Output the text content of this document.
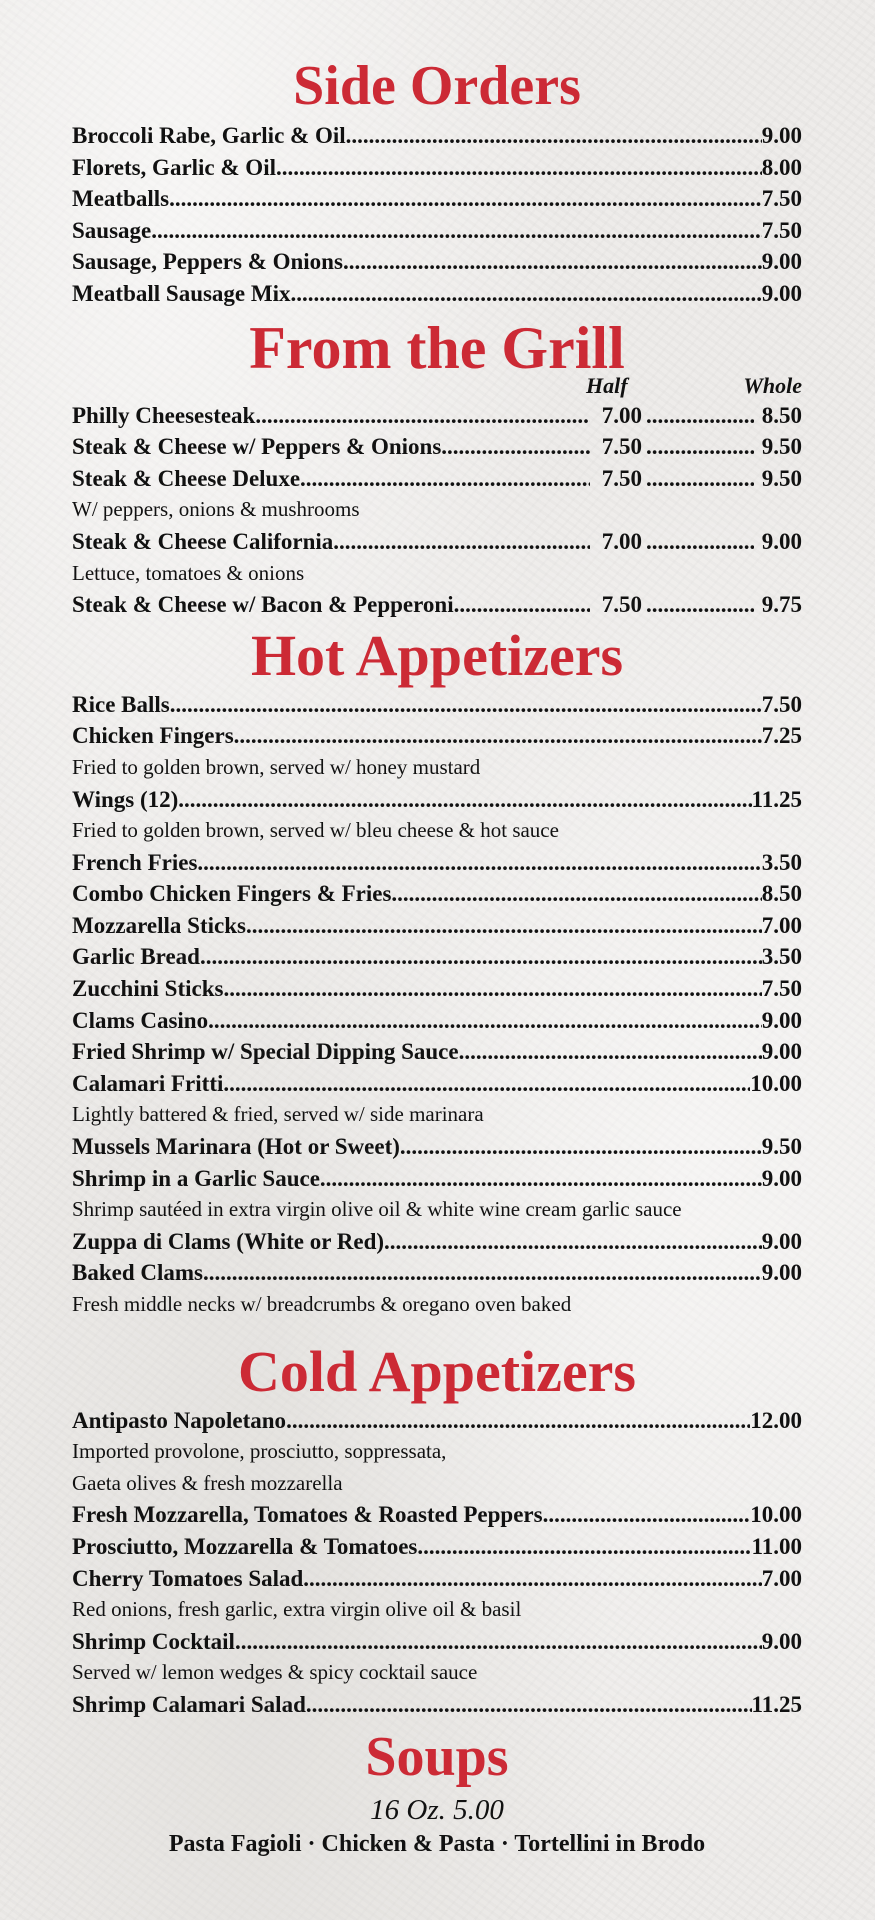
Side Orders
Broccoli Rabe, Garlic & Oil .....	9.00
Florets, Garlic & Oil .....	8.00
Meatballs .....	7.50
Sausage .....	7.50
Sausage, Peppers & Onions .....	9.00
Meatball Sausage Mix .....	9.00
From the Grill
Half	Whole
Philly Cheesesteak .....	7.00 .....	8.50
Steak & Cheese w/ Peppers & Onions .....	7.50 .....	9.50
Steak & Cheese Deluxe .....	7.50 .....	9.50
W/ peppers, onions & mushrooms
Steak & Cheese California .....	7.00 .....	9.00
Lettuce, tomatoes & onions
Steak & Cheese w/ Bacon & Pepperoni .....	7.50 .....	9.75
Hot Appetizers
Rice Balls .....	7.50
Chicken Fingers .....	7.25
Fried to golden brown, served w/ honey mustard
Wings (12) .....	11.25
Fried to golden brown, served w/ bleu cheese & hot sauce
French Fries .....	3.50
Combo Chicken Fingers & Fries .....	8.50
Mozzarella Sticks .....	7.00
Garlic Bread .....	3.50
Zucchini Sticks .....	7.50
Clams Casino .....	9.00
Fried Shrimp w/ Special Dipping Sauce .....	9.00
Calamari Fritti .....	10.00
Lightly battered & fried, served w/ side marinara
Mussels Marinara (Hot or Sweet) .....	9.50
Shrimp in a Garlic Sauce .....	9.00
Shrimp sautéed in extra virgin olive oil & white wine cream garlic sauce
Zuppa di Clams (White or Red) .....	9.00
Baked Clams .....	9.00
Fresh middle necks w/ breadcrumbs & oregano oven baked
Cold Appetizers
Antipasto Napoletano .....	12.00
Imported provolone, prosciutto, soppressata,
Gaeta olives & fresh mozzarella
Fresh Mozzarella, Tomatoes & Roasted Peppers .....	10.00
Prosciutto, Mozzarella & Tomatoes .....	11.00
Cherry Tomatoes Salad .....	7.00
Red onions, fresh garlic, extra virgin olive oil & basil
Shrimp Cocktail .....	9.00
Served w/ lemon wedges & spicy cocktail sauce
Shrimp Calamari Salad .....	11.25
Soups
16 Oz. 5.00
Pasta Fagioli · Chicken & Pasta · Tortellini in Brodo
